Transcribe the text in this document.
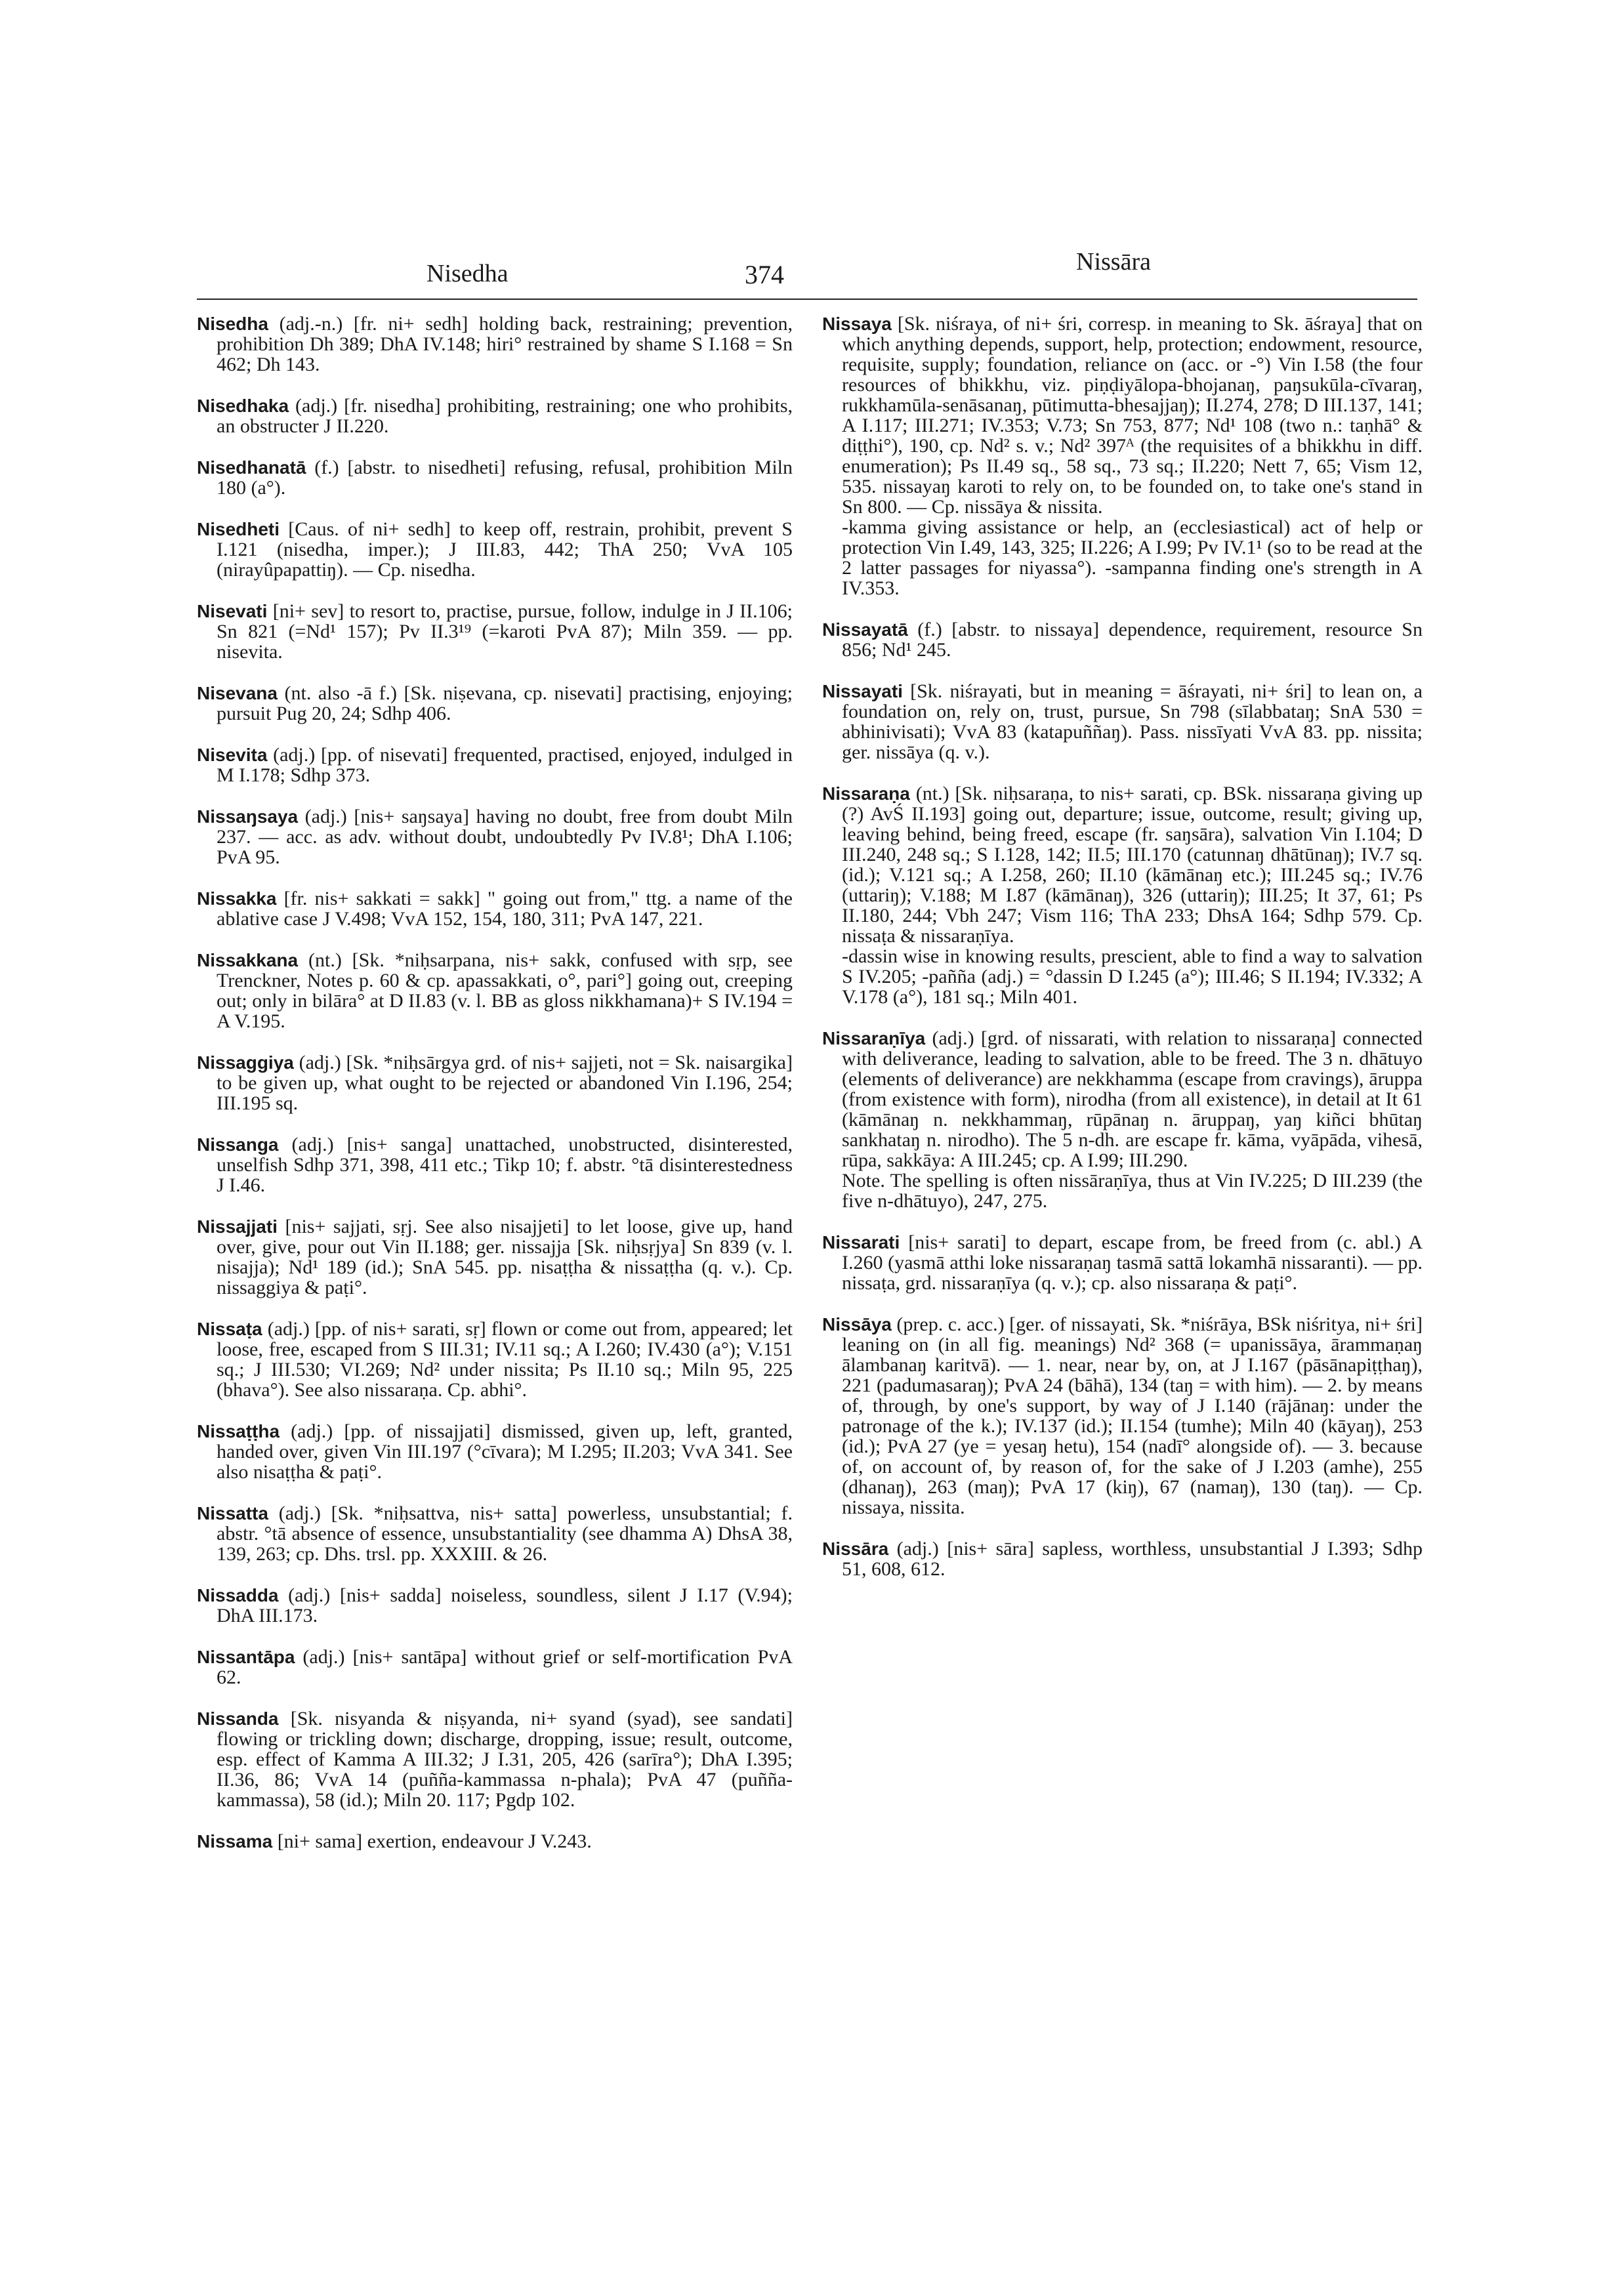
Nisedha	374	Nissāra

Nisedha (adj.-n.) [fr. ni+ sedh] holding back, restraining; prevention, prohibition Dh 389; DhA IV.148; hiri° restrained by shame S I.168 = Sn 462; Dh 143.

Nisedhaka (adj.) [fr. nisedha] prohibiting, restraining; one who prohibits, an obstructer J II.220.

Nisedhanatā (f.) [abstr. to nisedheti] refusing, refusal, prohibition Miln 180 (a°).

Nisedheti [Caus. of ni+ sedh] to keep off, restrain, prohibit, prevent S I.121 (nisedha, imper.); J III.83, 442; ThA 250; VvA 105 (nirayûpapattiŋ). — Cp. nisedha.

Nisevati [ni+ sev] to resort to, practise, pursue, follow, indulge in J II.106; Sn 821 (=Nd¹ 157); Pv II.3¹⁹ (=karoti PvA 87); Miln 359. — pp. nisevita.

Nisevana (nt. also -ā f.) [Sk. niṣevana, cp. nisevati] practising, enjoying; pursuit Pug 20, 24; Sdhp 406.

Nisevita (adj.) [pp. of nisevati] frequented, practised, enjoyed, indulged in M I.178; Sdhp 373.

Nissaŋsaya (adj.) [nis+ saŋsaya] having no doubt, free from doubt Miln 237. — acc. as adv. without doubt, undoubtedly Pv IV.8¹; DhA I.106; PvA 95.

Nissakka [fr. nis+ sakkati = sakk] " going out from," ttg. a name of the ablative case J V.498; VvA 152, 154, 180, 311; PvA 147, 221.

Nissakkana (nt.) [Sk. *niḥsarpana, nis+ sakk, confused with sṛp, see Trenckner, Notes p. 60 & cp. apassakkati, o°, pari°] going out, creeping out; only in bilāra° at D II.83 (v. l. BB as gloss nikkhamana)+ S IV.194 = A V.195.

Nissaggiya (adj.) [Sk. *niḥsārgya grd. of nis+ sajjeti, not = Sk. naisargika] to be given up, what ought to be rejected or abandoned Vin I.196, 254; III.195 sq.

Nissanga (adj.) [nis+ sanga] unattached, unobstructed, disinterested, unselfish Sdhp 371, 398, 411 etc.; Tikp 10; f. abstr. °tā disinterestedness J I.46.

Nissajjati [nis+ sajjati, sṛj. See also nisajjeti] to let loose, give up, hand over, give, pour out Vin II.188; ger. nissajja [Sk. niḥsṛjya] Sn 839 (v. l. nisajja); Nd¹ 189 (id.); SnA 545. pp. nisaṭṭha & nissaṭṭha (q. v.). Cp. nissaggiya & paṭi°.

Nissaṭa (adj.) [pp. of nis+ sarati, sṛ] flown or come out from, appeared; let loose, free, escaped from S III.31; IV.11 sq.; A I.260; IV.430 (a°); V.151 sq.; J III.530; VI.269; Nd² under nissita; Ps II.10 sq.; Miln 95, 225 (bhava°). See also nissaraṇa. Cp. abhi°.

Nissaṭṭha (adj.) [pp. of nissajjati] dismissed, given up, left, granted, handed over, given Vin III.197 (°cīvara); M I.295; II.203; VvA 341. See also nisaṭṭha & paṭi°.

Nissatta (adj.) [Sk. *niḥsattva, nis+ satta] powerless, unsubstantial; f. abstr. °tā absence of essence, unsubstantiality (see dhamma A) DhsA 38, 139, 263; cp. Dhs. trsl. pp. XXXIII. & 26.

Nissadda (adj.) [nis+ sadda] noiseless, soundless, silent J I.17 (V.94); DhA III.173.

Nissantāpa (adj.) [nis+ santāpa] without grief or self-mortification PvA 62.

Nissanda [Sk. nisyanda & niṣyanda, ni+ syand (syad), see sandati] flowing or trickling down; discharge, dropping, issue; result, outcome, esp. effect of Kamma A III.32; J I.31, 205, 426 (sarīra°); DhA I.395; II.36, 86; VvA 14 (puñña-kammassa n-phala); PvA 47 (puñña-kammassa), 58 (id.); Miln 20. 117; Pgdp 102.

Nissama [ni+ sama] exertion, endeavour J V.243.

Nissaya [Sk. niśraya, of ni+ śri, corresp. in meaning to Sk. āśraya] that on which anything depends, support, help, protection; endowment, resource, requisite, supply; foundation, reliance on (acc. or -°) Vin I.58 (the four resources of bhikkhu, viz. piṇḍiyālopa-bhojanaŋ, paŋsukūla-cīvaraŋ, rukkhamūla-senāsanaŋ, pūtimutta-bhesajjaŋ); II.274, 278; D III.137, 141; A I.117; III.271; IV.353; V.73; Sn 753, 877; Nd¹ 108 (two n.: taṇhā° & diṭṭhi°), 190, cp. Nd² s. v.; Nd² 397ᴬ (the requisites of a bhikkhu in diff. enumeration); Ps II.49 sq., 58 sq., 73 sq.; II.220; Nett 7, 65; Vism 12, 535. nissayaŋ karoti to rely on, to be founded on, to take one's stand in Sn 800. — Cp. nissāya & nissita.

-kamma giving assistance or help, an (ecclesiastical) act of help or protection Vin I.49, 143, 325; II.226; A I.99; Pv IV.1¹ (so to be read at the 2 latter passages for niyassa°). -sampanna finding one's strength in A IV.353.

Nissayatā (f.) [abstr. to nissaya] dependence, requirement, resource Sn 856; Nd¹ 245.

Nissayati [Sk. niśrayati, but in meaning = āśrayati, ni+ śri] to lean on, a foundation on, rely on, trust, pursue, Sn 798 (sīlabbataŋ; SnA 530 = abhinivisati); VvA 83 (katapuññaŋ). Pass. nissīyati VvA 83. pp. nissita; ger. nissāya (q. v.).

Nissaraṇa (nt.) [Sk. niḥsaraṇa, to nis+ sarati, cp. BSk. nissaraṇa giving up (?) AvŚ II.193] going out, departure; issue, outcome, result; giving up, leaving behind, being freed, escape (fr. saŋsāra), salvation Vin I.104; D III.240, 248 sq.; S I.128, 142; II.5; III.170 (catunnaŋ dhātūnaŋ); IV.7 sq. (id.); V.121 sq.; A I.258, 260; II.10 (kāmānaŋ etc.); III.245 sq.; IV.76 (uttariŋ); V.188; M I.87 (kāmānaŋ), 326 (uttariŋ); III.25; It 37, 61; Ps II.180, 244; Vbh 247; Vism 116; ThA 233; DhsA 164; Sdhp 579. Cp. nissaṭa & nissaraṇīya.

-dassin wise in knowing results, prescient, able to find a way to salvation S IV.205; -pañña (adj.) = °dassin D I.245 (a°); III.46; S II.194; IV.332; A V.178 (a°), 181 sq.; Miln 401.

Nissaraṇīya (adj.) [grd. of nissarati, with relation to nissaraṇa] connected with deliverance, leading to salvation, able to be freed. The 3 n. dhātuyo (elements of deliverance) are nekkhamma (escape from cravings), āruppa (from existence with form), nirodha (from all existence), in detail at It 61 (kāmānaŋ n. nekkhammaŋ, rūpānaŋ n. āruppaŋ, yaŋ kiñci bhūtaŋ sankhataŋ n. nirodho). The 5 n-dh. are escape fr. kāma, vyāpāda, vihesā, rūpa, sakkāya: A III.245; cp. A I.99; III.290.

Note. The spelling is often nissāraṇīya, thus at Vin IV.225; D III.239 (the five n-dhātuyo), 247, 275.

Nissarati [nis+ sarati] to depart, escape from, be freed from (c. abl.) A I.260 (yasmā atthi loke nissaraṇaŋ tasmā sattā lokamhā nissaranti). — pp. nissaṭa, grd. nissaraṇīya (q. v.); cp. also nissaraṇa & paṭi°.

Nissāya (prep. c. acc.) [ger. of nissayati, Sk. *niśrāya, BSk niśritya, ni+ śri] leaning on (in all fig. meanings) Nd² 368 (= upanissāya, ārammaṇaŋ ālambanaŋ karitvā). — 1. near, near by, on, at J I.167 (pāsānapiṭṭhaŋ), 221 (padumasaraŋ); PvA 24 (bāhā), 134 (taŋ = with him). — 2. by means of, through, by one's support, by way of J I.140 (rājānaŋ: under the patronage of the k.); IV.137 (id.); II.154 (tumhe); Miln 40 (kāyaŋ), 253 (id.); PvA 27 (ye = yesaŋ hetu), 154 (nadī° alongside of). — 3. because of, on account of, by reason of, for the sake of J I.203 (amhe), 255 (dhanaŋ), 263 (maŋ); PvA 17 (kiŋ), 67 (namaŋ), 130 (taŋ). — Cp. nissaya, nissita.

Nissāra (adj.) [nis+ sāra] sapless, worthless, unsubstantial J I.393; Sdhp 51, 608, 612.
